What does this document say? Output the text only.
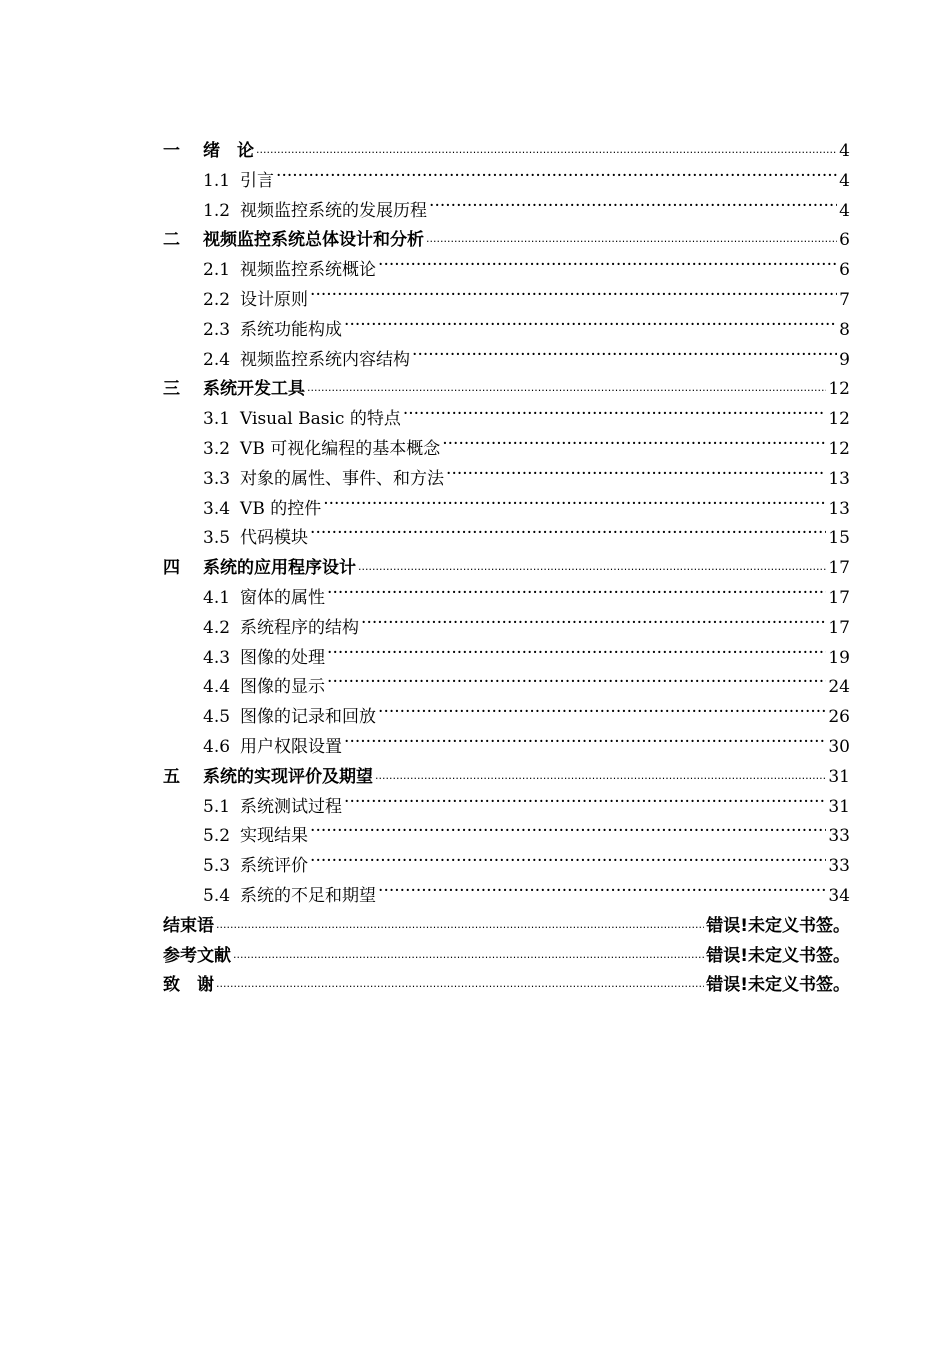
一	绪　论 .....	4
1.1 引言 ·····	4
1.2 视频监控系统的发展历程 ·····	4
二	视频监控系统总体设计和分析 .....	6
2.1 视频监控系统概论 ·····	6
2.2 设计原则 ·····	7
2.3 系统功能构成 ·····	8
2.4 视频监控系统内容结构 ·····	9
三	系统开发工具 .....	12
3.1 Visual Basic 的特点 ·····	12
3.2 VB 可视化编程的基本概念 ·····	12
3.3 对象的属性、事件、和方法 ·····	13
3.4 VB 的控件 ·····	13
3.5 代码模块 ·····	15
四	系统的应用程序设计 .....	17
4.1 窗体的属性 ·····	17
4.2 系统程序的结构 ·····	17
4.3 图像的处理 ·····	19
4.4 图像的显示 ·····	24
4.5 图像的记录和回放 ·····	26
4.6 用户权限设置 ·····	30
五	系统的实现评价及期望 .....	31
5.1 系统测试过程 ·····	31
5.2 实现结果 ·····	33
5.3 系统评价 ·····	33
5.4 系统的不足和期望 ·····	34
结束语 .....	错误!未定义书签。
参考文献 .....	错误!未定义书签。
致　谢 .....	错误!未定义书签。
